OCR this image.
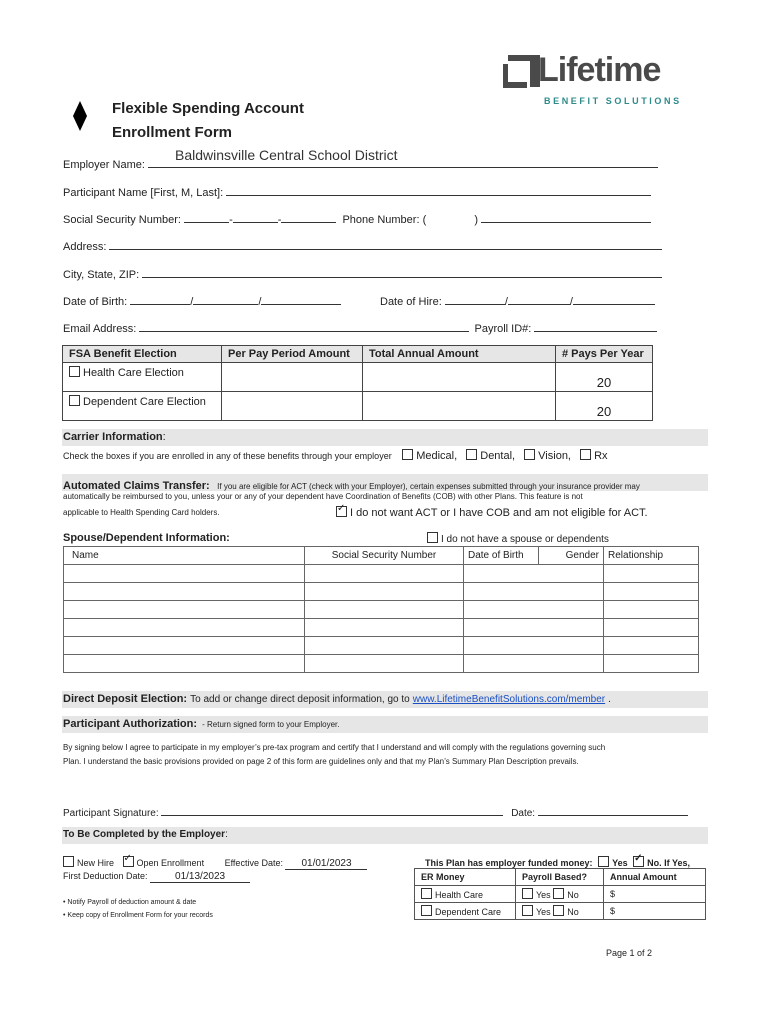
Lifetime
BENEFIT SOLUTIONS
Flexible Spending Account
Enrollment Form
Employer Name:
Baldwinsville Central School District
Participant Name [First, M, Last]:
Social Security Number:	-	-	Phone Number: (	)
Address:
City, State, ZIP:
Date of Birth:	/	/	Date of Hire:	/	/
Email Address:	Payroll ID#:
FSA Benefit Election	Per Pay Period Amount	Total Annual Amount	# Pays Per Year
Health Care Election			20
Dependent Care Election			20
Carrier Information:
Check the boxes if you are enrolled in any of these benefits through your employer Medical, Dental, Vision, Rx
Automated Claims Transfer: If you are eligible for ACT (check with your Employer), certain expenses submitted through your insurance provider may
automatically be reimbursed to you, unless your or any of your dependent have Coordination of Benefits (COB) with other Plans. This feature is not
applicable to Health Spending Card holders. ✓	I do not want ACT or I have COB and am not eligible for ACT.
Spouse/Dependent Information:	I do not have a spouse or dependents
Name	Social Security Number	Date of Birth	Gender	Relationship

Direct Deposit Election: To add or change direct deposit information, go to www.LifetimeBenefitSolutions.com/member .
Participant Authorization: - Return signed form to your Employer.
By signing below I agree to participate in my employer’s pre-tax program and certify that I understand and will comply with the regulations governing such
Plan. I understand the basic provisions provided on page 2 of this form are guidelines only and that my Plan’s Summary Plan Description prevails.
Participant Signature:	Date:
To Be Completed by the Employer:
New Hire ✓	Open Enrollment Effective Date: 01/01/2023
First Deduction Date:	01/13/2023
• Notify Payroll of deduction amount & date
• Keep copy of Enrollment Form for your records
This Plan has employer funded money: Yes ✓ No. If Yes,
ER Money	Payroll Based?	Annual Amount
Health Care	Yes No	$
Dependent Care	Yes No	$
Page 1 of 2
